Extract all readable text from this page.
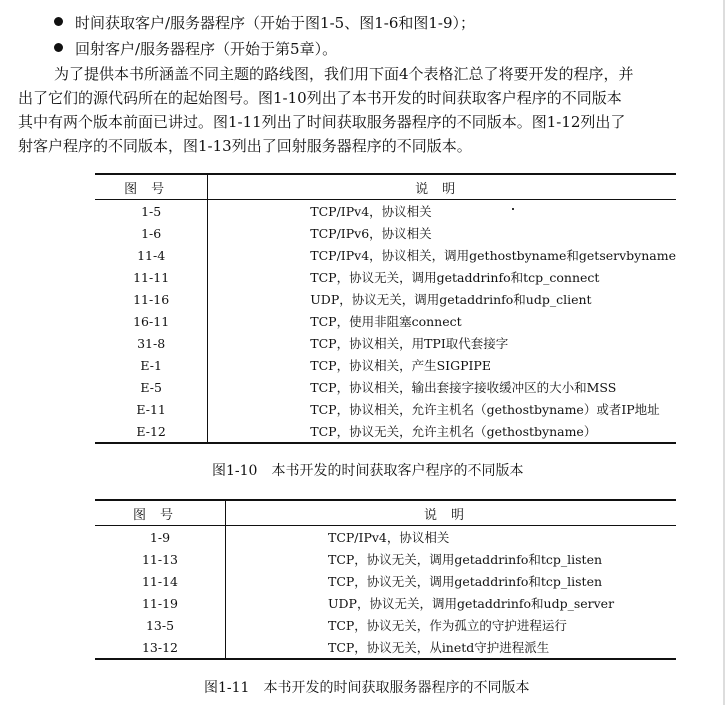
时间获取客户/服务器程序（开始于图1-5、图1-6和图1-9）；
回射客户/服务器程序（开始于第5章）。

为了提供本书所涵盖不同主题的路线图，我们用下面4个表格汇总了将要开发的程序，并
出了它们的源代码所在的起始图号。图1-10列出了本书开发的时间获取客户程序的不同版本
其中有两个版本前面已讲过。图1-11列出了时间获取服务器程序的不同版本。图1-12列出了
射客户程序的不同版本，图1-13列出了回射服务器程序的不同版本。

图号	说明
1-5	TCP/IPv4，协议相关
1-6	TCP/IPv6，协议相关
11-4	TCP/IPv4，协议相关，调用gethostbyname和getservbyname
11-11	TCP，协议无关，调用getaddrinfo和tcp_connect
11-16	UDP，协议无关，调用getaddrinfo和udp_client
16-11	TCP，使用非阻塞connect
31-8	TCP，协议相关，用TPI取代套接字
E-1	TCP，协议相关，产生SIGPIPE
E-5	TCP，协议相关，输出套接字接收缓冲区的大小和MSS
E-11	TCP，协议相关，允许主机名（gethostbyname）或者IP地址
E-12	TCP，协议无关，允许主机名（gethostbyname）
图1-10　本书开发的时间获取客户程序的不同版本
图号	说明
1-9	TCP/IPv4，协议相关
11-13	TCP，协议无关，调用getaddrinfo和tcp_listen
11-14	TCP，协议无关，调用getaddrinfo和tcp_listen
11-19	UDP，协议无关，调用getaddrinfo和udp_server
13-5	TCP，协议无关，作为孤立的守护进程运行
13-12	TCP，协议无关，从inetd守护进程派生
图1-11　本书开发的时间获取服务器程序的不同版本
